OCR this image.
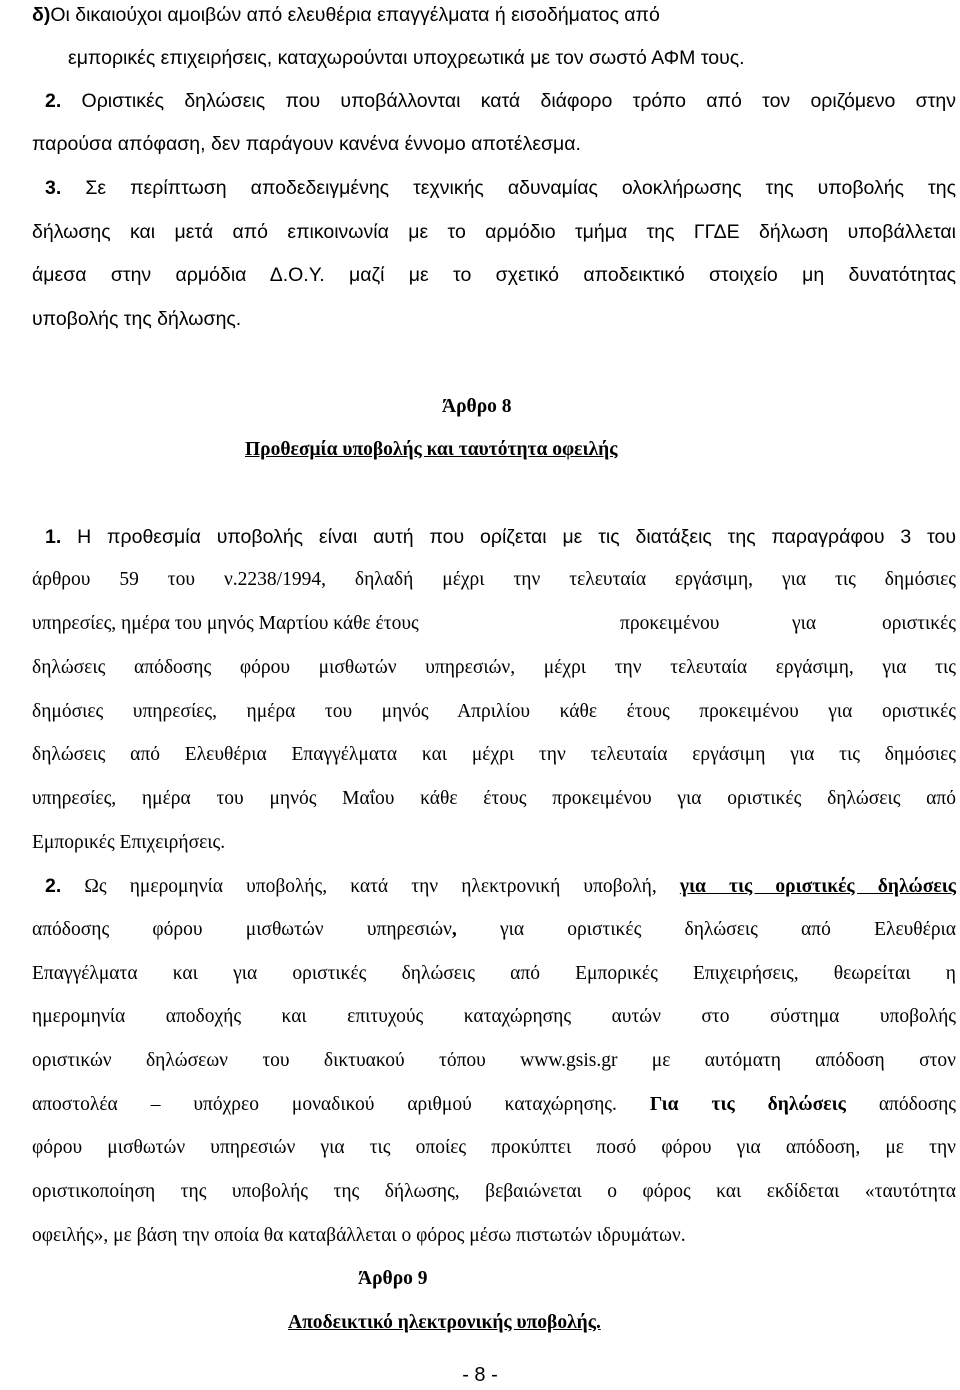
δ)Οι δικαιούχοι αμοιβών από ελευθέρια επαγγέλματα ή εισοδήματος από
εμπορικές επιχειρήσεις, καταχωρούνται υποχρεωτικά με τον σωστό ΑΦΜ τους.
2. Οριστικές δηλώσεις που υποβάλλονται κατά διάφορο τρόπο από τον οριζόμενο στην
παρούσα απόφαση, δεν παράγουν κανένα έννομο αποτέλεσμα.
3. Σε περίπτωση αποδεδειγμένης τεχνικής αδυναμίας ολοκλήρωσης της υποβολής της
δήλωσης και μετά από επικοινωνία με το αρμόδιο τμήμα της ΓΓΔΕ δήλωση υποβάλλεται
άμεσα στην αρμόδια Δ.Ο.Υ. μαζί με το σχετικό αποδεικτικό στοιχείο μη δυνατότητας
υποβολής της δήλωσης.
Άρθρο 8
Προθεσμία υποβολής και ταυτότητα οφειλής
1. Η προθεσμία υποβολής είναι αυτή που ορίζεται με τις διατάξεις της παραγράφου 3 του
άρθρου 59 του ν.2238/1994, δηλαδή μέχρι την τελευταία εργάσιμη, για τις δημόσιες
υπηρεσίες, ημέρα του μηνός Μαρτίου κάθε έτους	προκειμένου	για	οριστικές
δηλώσεις απόδοσης φόρου μισθωτών υπηρεσιών, μέχρι την τελευταία εργάσιμη, για τις
δημόσιες υπηρεσίες, ημέρα του μηνός Απριλίου κάθε έτους προκειμένου για οριστικές
δηλώσεις από Ελευθέρια Επαγγέλματα και μέχρι την τελευταία εργάσιμη για τις δημόσιες
υπηρεσίες, ημέρα του μηνός Μαΐου κάθε έτους προκειμένου για οριστικές δηλώσεις από
Εμπορικές Επιχειρήσεις.
2. Ως ημερομηνία υποβολής, κατά την ηλεκτρονική υποβολή, για τις οριστικές δηλώσεις
απόδοσης φόρου μισθωτών υπηρεσιών, για οριστικές δηλώσεις από Ελευθέρια
Επαγγέλματα και για οριστικές δηλώσεις από Εμπορικές Επιχειρήσεις, θεωρείται η
ημερομηνία αποδοχής και επιτυχούς καταχώρησης αυτών στο σύστημα υποβολής
οριστικών δηλώσεων του δικτυακού τόπου www.gsis.gr με αυτόματη απόδοση στον
αποστολέα – υπόχρεο μοναδικού αριθμού καταχώρησης. Για τις δηλώσεις απόδοσης
φόρου μισθωτών υπηρεσιών για τις οποίες προκύπτει ποσό φόρου για απόδοση, με την
οριστικοποίηση της υποβολής της δήλωσης, βεβαιώνεται ο φόρος και εκδίδεται «ταυτότητα
οφειλής», με βάση την οποία θα καταβάλλεται ο φόρος μέσω πιστωτών ιδρυμάτων.
Άρθρο 9
Αποδεικτικό ηλεκτρονικής υποβολής.
- 8 -
